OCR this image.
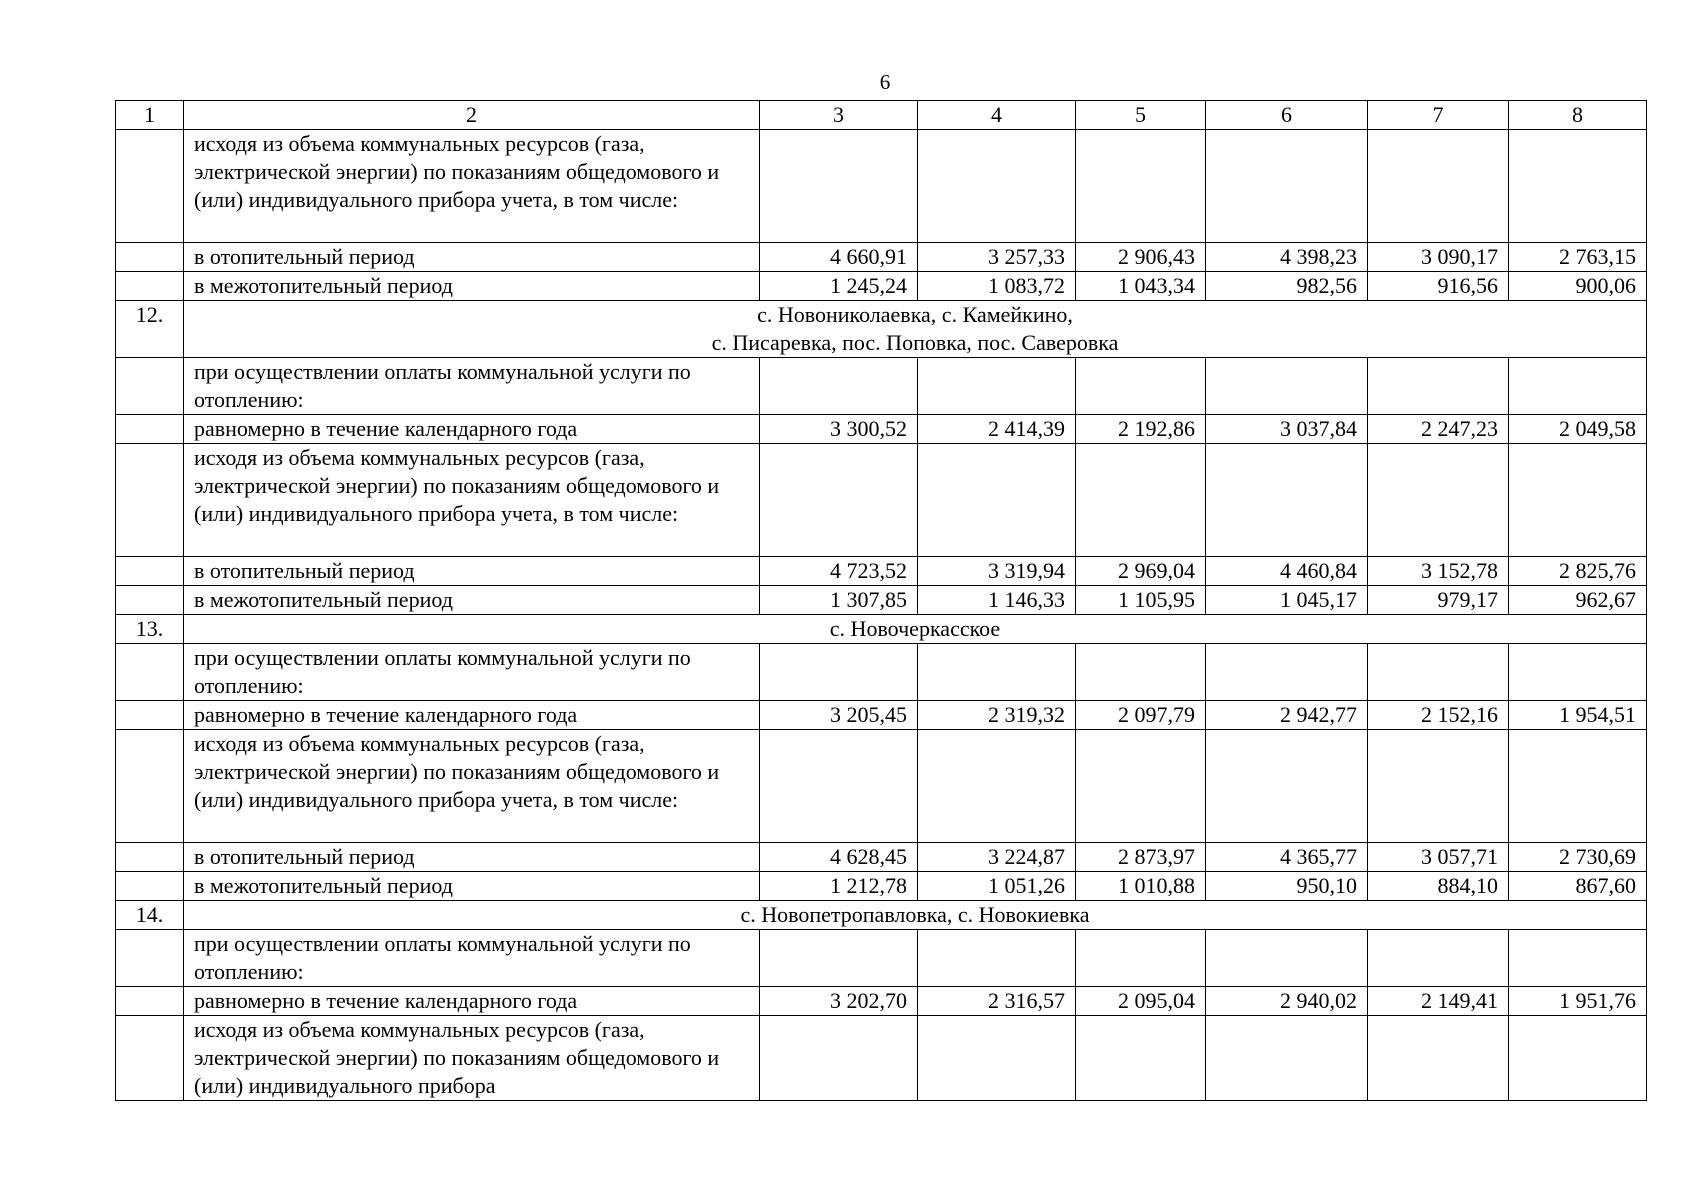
6
1	2	3	4	5	6	7	8
	исходя из объема коммунальных ресурсов (газа, электрической энергии) по показаниям общедомового и (или) индивидуального прибора учета, в том числе:						
	в отопительный период	4 660,91	3 257,33	2 906,43	4 398,23	3 090,17	2 763,15
	в межотопительный период	1 245,24	1 083,72	1 043,34	982,56	916,56	900,06
12.	с. Новониколаевка, с. Камейкино,
с. Писаревка, пос. Поповка, пос. Саверовка						
	при осуществлении оплаты коммунальной услуги по отоплению:						
	равномерно в течение календарного года	3 300,52	2 414,39	2 192,86	3 037,84	2 247,23	2 049,58
	исходя из объема коммунальных ресурсов (газа, электрической энергии) по показаниям общедомового и (или) индивидуального прибора учета, в том числе:						
	в отопительный период	4 723,52	3 319,94	2 969,04	4 460,84	3 152,78	2 825,76
	в межотопительный период	1 307,85	1 146,33	1 105,95	1 045,17	979,17	962,67
13.	с. Новочеркасское						
	при осуществлении оплаты коммунальной услуги по отоплению:						
	равномерно в течение календарного года	3 205,45	2 319,32	2 097,79	2 942,77	2 152,16	1 954,51
	исходя из объема коммунальных ресурсов (газа, электрической энергии) по показаниям общедомового и (или) индивидуального прибора учета, в том числе:						
	в отопительный период	4 628,45	3 224,87	2 873,97	4 365,77	3 057,71	2 730,69
	в межотопительный период	1 212,78	1 051,26	1 010,88	950,10	884,10	867,60
14.	с. Новопетропавловка, с. Новокиевка						
	при осуществлении оплаты коммунальной услуги по отоплению:						
	равномерно в течение календарного года	3 202,70	2 316,57	2 095,04	2 940,02	2 149,41	1 951,76
	исходя из объема коммунальных ресурсов (газа, электрической энергии) по показаниям общедомового и (или) индивидуального прибора						
